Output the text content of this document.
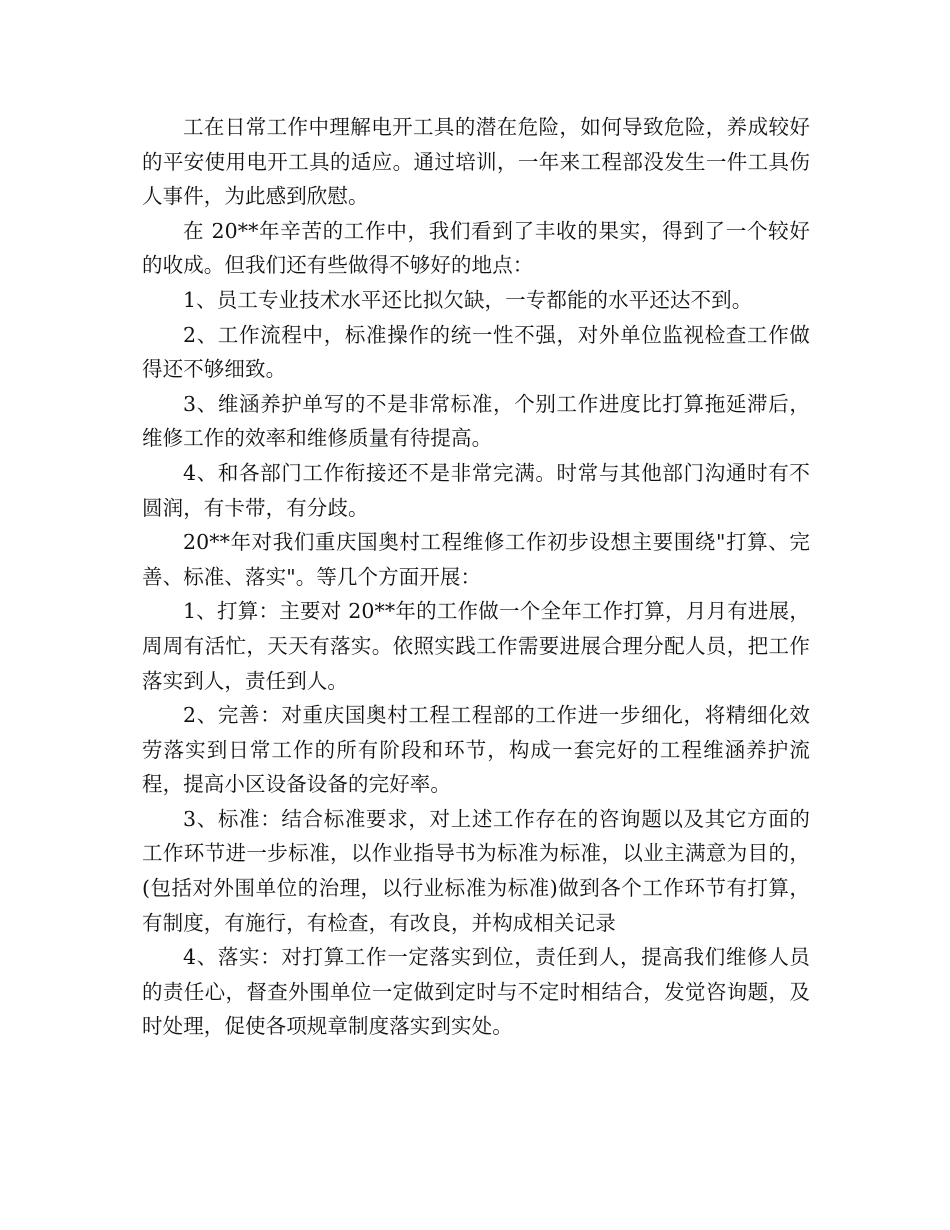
工在日常工作中理解电开工具的潜在危险，如何导致危险，养成较好的平安使用电开工具的适应。通过培训，一年来工程部没发生一件工具伤人事件，为此感到欣慰。

在 20**年辛苦的工作中，我们看到了丰收的果实，得到了一个较好的收成。但我们还有些做得不够好的地点：

1、员工专业技术水平还比拟欠缺，一专都能的水平还达不到。

2、工作流程中，标准操作的统一性不强，对外单位监视检查工作做得还不够细致。

3、维涵养护单写的不是非常标准，个别工作进度比打算拖延滞后，维修工作的效率和维修质量有待提高。

4、和各部门工作衔接还不是非常完满。时常与其他部门沟通时有不圆润，有卡带，有分歧。

20**年对我们重庆国奥村工程维修工作初步设想主要围绕"打算、完善、标准、落实"。等几个方面开展：

1、打算：主要对 20**年的工作做一个全年工作打算，月月有进展，周周有活忙，天天有落实。依照实践工作需要进展合理分配人员，把工作落实到人，责任到人。

2、完善：对重庆国奥村工程工程部的工作进一步细化，将精细化效劳落实到日常工作的所有阶段和环节，构成一套完好的工程维涵养护流程，提高小区设备设备的完好率。

3、标准：结合标准要求，对上述工作存在的咨询题以及其它方面的工作环节进一步标准，以作业指导书为标准为标准，以业主满意为目的，(包括对外围单位的治理，以行业标准为标准)做到各个工作环节有打算，有制度，有施行，有检查，有改良，并构成相关记录

4、落实：对打算工作一定落实到位，责任到人，提高我们维修人员的责任心，督查外围单位一定做到定时与不定时相结合，发觉咨询题，及时处理，促使各项规章制度落实到实处。
